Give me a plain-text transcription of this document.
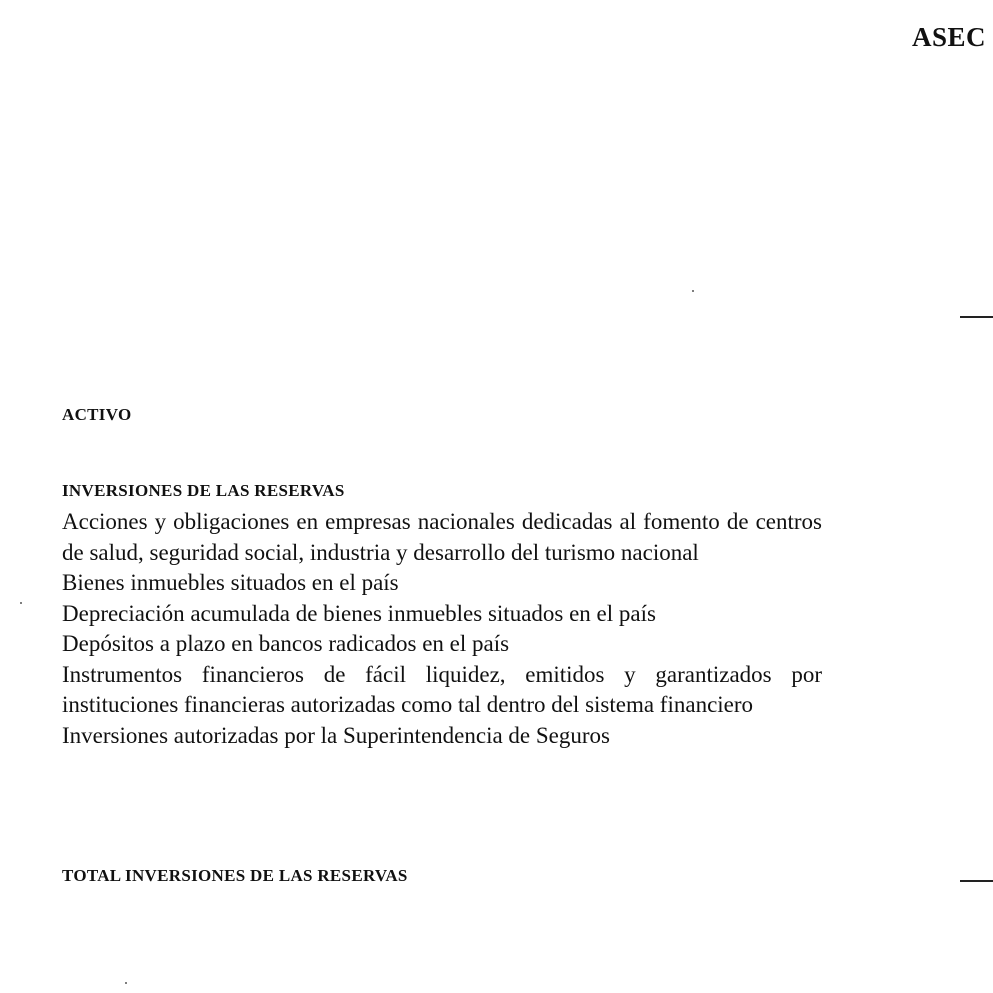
ASEC
ACTIVO
INVERSIONES DE LAS RESERVAS
Acciones y obligaciones en empresas nacionales dedicadas al fomento de centros de salud, seguridad social, industria y desarrollo del turismo nacional
Bienes inmuebles situados en el país
Depreciación acumulada de bienes inmuebles situados en el país
Depósitos a plazo en bancos radicados en el país
Instrumentos financieros de fácil liquidez, emitidos y garantizados por instituciones financieras autorizadas como tal dentro del sistema financiero
Inversiones autorizadas por la Superintendencia de Seguros
TOTAL INVERSIONES DE LAS RESERVAS
